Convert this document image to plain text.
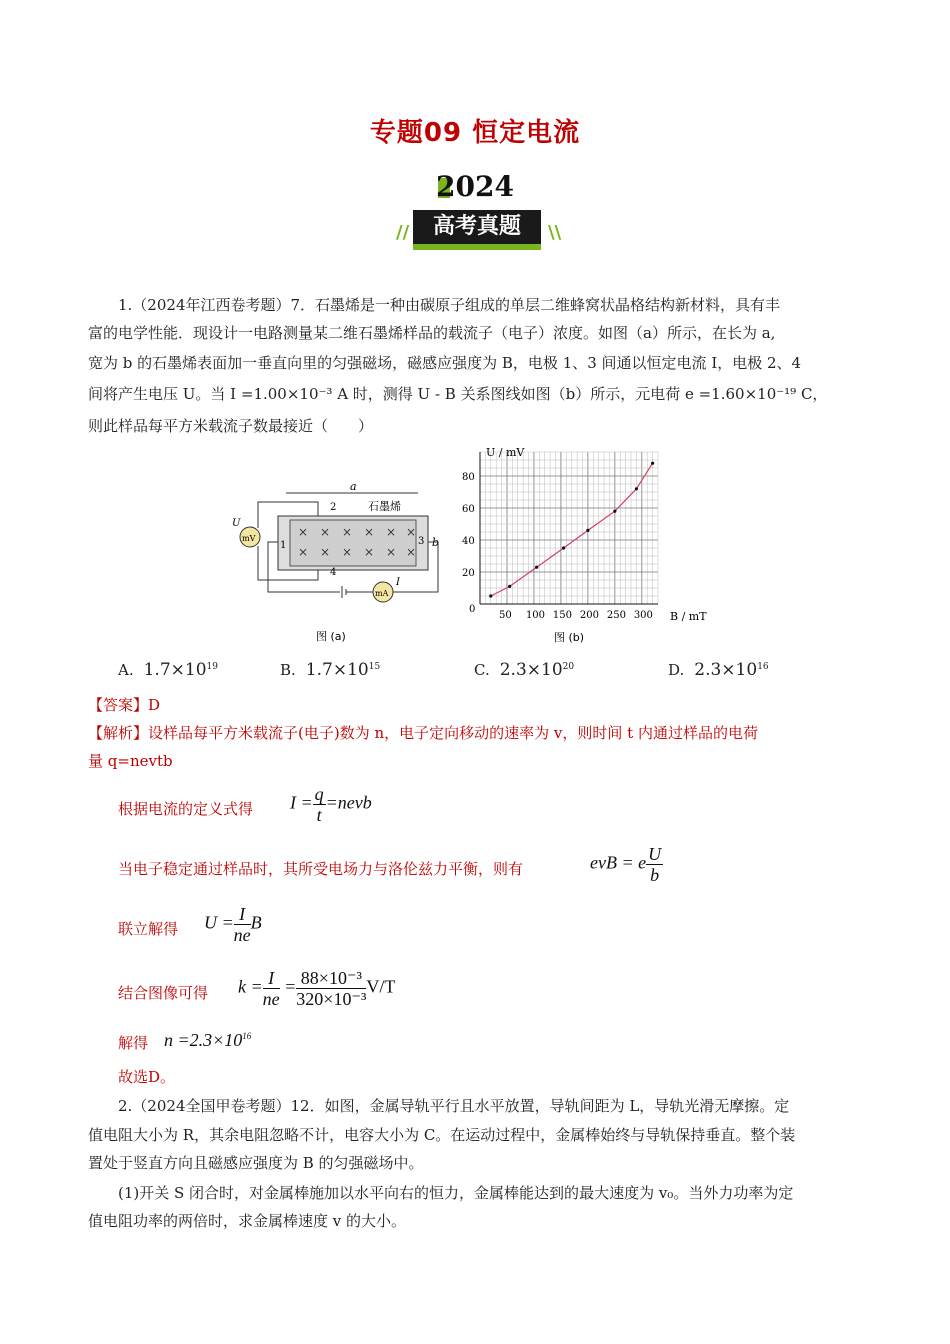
专题09 恒定电流
2024
//	高考真题	\\
1.（2024年江西卷考题）7．石墨烯是一种由碳原子组成的单层二维蜂窝状晶格结构新材料，具有丰
富的电学性能．现设计一电路测量某二维石墨烯样品的载流子（电子）浓度。如图（a）所示，在长为 a,
宽为 b 的石墨烯表面加一垂直向里的匀强磁场，磁感应强度为 B，电极 1、3 间通以恒定电流 I，电极 2、4
间将产生电压 U。当 I =1.00×10⁻³ A 时，测得 U - B 关系图线如图（b）所示，元电荷 e =1.60×10⁻¹⁹ C，
则此样品每平方米载流子数最接近（　　）
× × × × × ×
× × × × × ×
a
b
石墨烯
1
2
3
4
mV
U
mA
I
图 (a)
U / mV
B / mT
0
50 100 150 200 250 300
20
40
60
80
图 (b)
A. $1.7\times 10^{19}$	B. $1.7\times 10^{15}$	C. $2.3\times 10^{20}$	D. $2.3\times 10^{16}$
【答案】D
【解析】设样品每平方米载流子(电子)数为 n，电子定向移动的速率为 v，则时间 t 内通过样品的电荷
量 q=nevtb
根据电流的定义式得	$I = \frac{q}{t}$ =nevb
当电子稳定通过样品时，其所受电场力与洛伦兹力平衡，则有	evB = e $\frac{U}{b}$
联立解得	$U = \frac{I}{ne}$ B
结合图像可得	$k = \frac{I}{ne} = \frac{\text{88×10⁻³}}{\text{320×10⁻³}} V/T$
解得 $n =2.3\times 10^{16}$
故选D。
2.（2024全国甲卷考题）12．如图，金属导轨平行且水平放置，导轨间距为 L，导轨光滑无摩擦。定
值电阻大小为 R，其余电阻忽略不计，电容大小为 C。在运动过程中，金属棒始终与导轨保持垂直。整个装
置处于竖直方向且磁感应强度为 B 的匀强磁场中。
(1)开关 S 闭合时，对金属棒施加以水平向右的恒力，金属棒能达到的最大速度为 v₀。当外力功率为定
值电阻功率的两倍时，求金属棒速度 v 的大小。
